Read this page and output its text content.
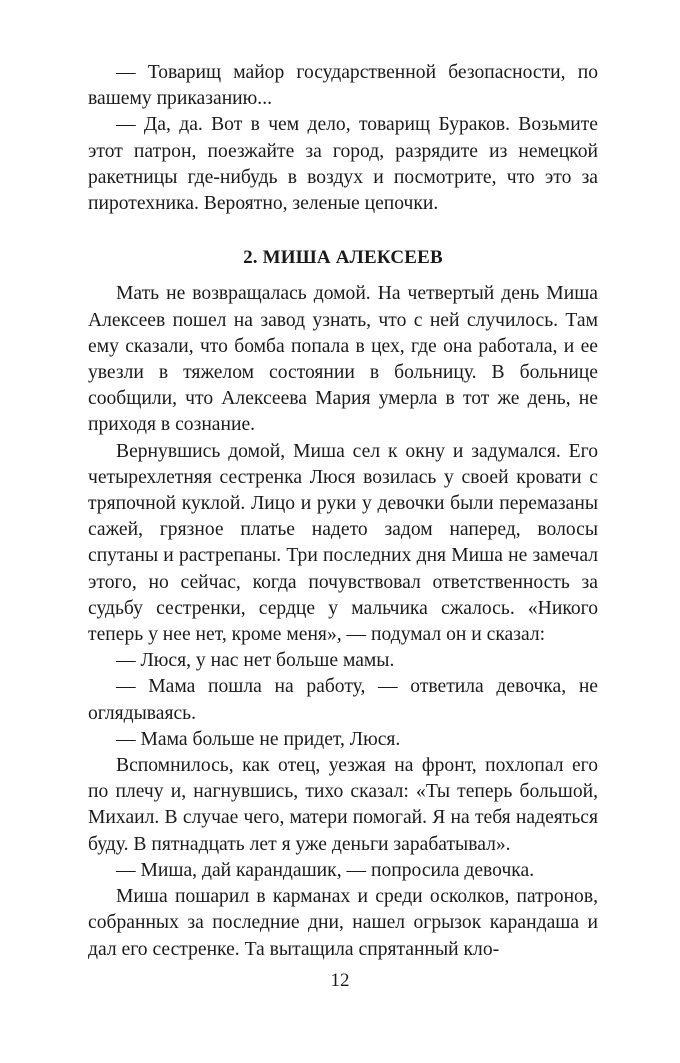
— Товарищ майор государственной безопасности, по вашему приказанию...

— Да, да. Вот в чем дело, товарищ Бураков. Возьмите этот патрон, поезжайте за город, разрядите из немецкой ракетницы где-нибудь в воздух и посмотрите, что это за пиротехника. Вероятно, зеленые цепочки.

2. МИША АЛЕКСЕЕВ

Мать не возвращалась домой. На четвертый день Миша Алексеев пошел на завод узнать, что с ней случилось. Там ему сказали, что бомба попала в цех, где она работала, и ее увезли в тяжелом состоянии в больницу. В больнице сообщили, что Алексеева Мария умерла в тот же день, не приходя в сознание.

Вернувшись домой, Миша сел к окну и задумался. Его четырехлетняя сестренка Люся возилась у своей кровати с тряпочной куклой. Лицо и руки у девочки были перемазаны сажей, грязное платье надето задом наперед, волосы спутаны и растрепаны. Три последних дня Миша не замечал этого, но сейчас, когда почувствовал ответственность за судьбу сестренки, сердце у мальчика сжалось. «Никого теперь у нее нет, кроме меня», — подумал он и сказал:

— Люся, у нас нет больше мамы.

— Мама пошла на работу, — ответила девочка, не оглядываясь.

— Мама больше не придет, Люся.

Вспомнилось, как отец, уезжая на фронт, похлопал его по плечу и, нагнувшись, тихо сказал: «Ты теперь большой, Михаил. В случае чего, матери помогай. Я на тебя надеяться буду. В пятнадцать лет я уже деньги зарабатывал».

— Миша, дай карандашик, — попросила девочка.

Миша пошарил в карманах и среди осколков, патронов, собранных за последние дни, нашел огрызок карандаша и дал его сестренке. Та вытащила спрятанный кло-

12
